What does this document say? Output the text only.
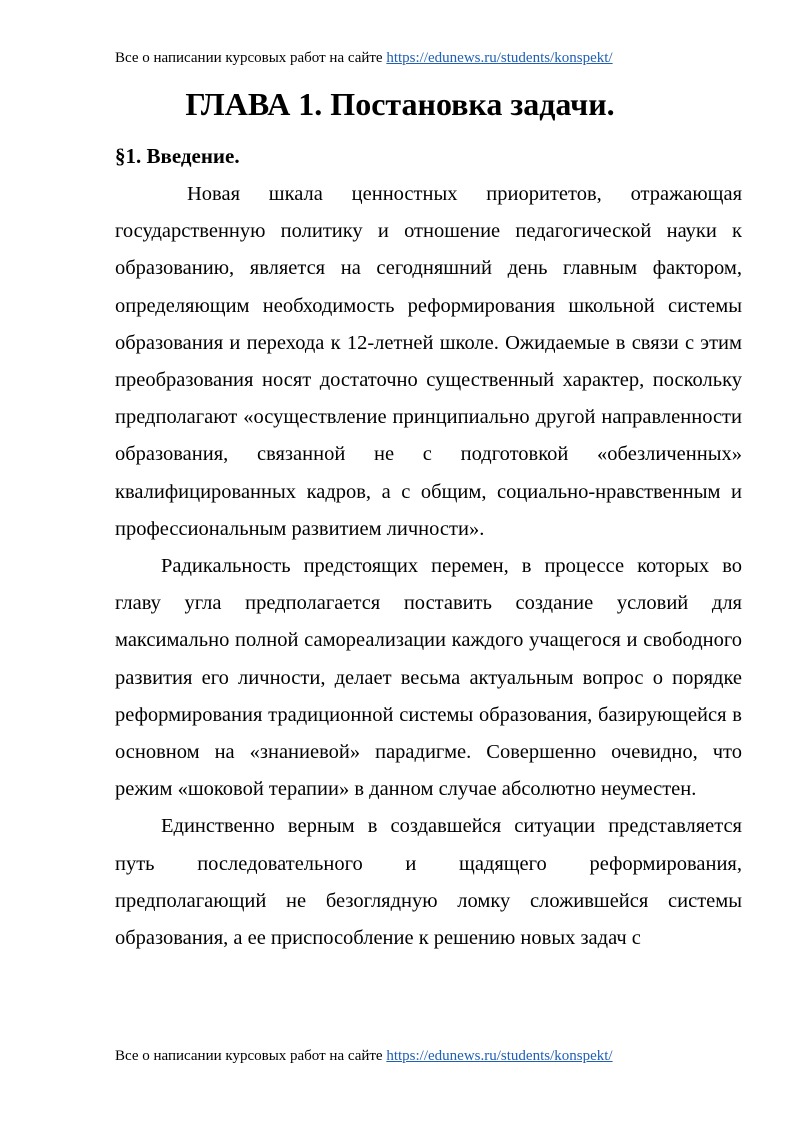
Все о написании курсовых работ на сайте https://edunews.ru/students/konspekt/
ГЛАВА 1. Постановка задачи.
§1. Введение.

Новая шкала ценностных приоритетов, отражающая государственную политику и отношение педагогической науки к образованию, является на сегодняшний день главным фактором, определяющим необходимость реформирования школьной системы образования и перехода к 12-летней школе. Ожидаемые в связи с этим преобразования носят достаточно существенный характер, поскольку предполагают «осуществление принципиально другой направленности образования, связанной не с подготовкой «обезличенных» квалифицированных кадров, а с общим, социально-нравственным и профессиональным развитием личности».

Радикальность предстоящих перемен, в процессе которых во главу угла предполагается поставить создание условий для максимально полной самореализации каждого учащегося и свободного развития его личности, делает весьма актуальным вопрос о порядке реформирования традиционной системы образования, базирующейся в основном на «знаниевой» парадигме. Совершенно очевидно, что режим «шоковой терапии» в данном случае абсолютно неуместен.

Единственно верным в создавшейся ситуации представляется путь последовательного и щадящего реформирования, предполагающий не безоглядную ломку сложившейся системы образования, а ее приспособление к решению новых задач с

Все о написании курсовых работ на сайте https://edunews.ru/students/konspekt/
